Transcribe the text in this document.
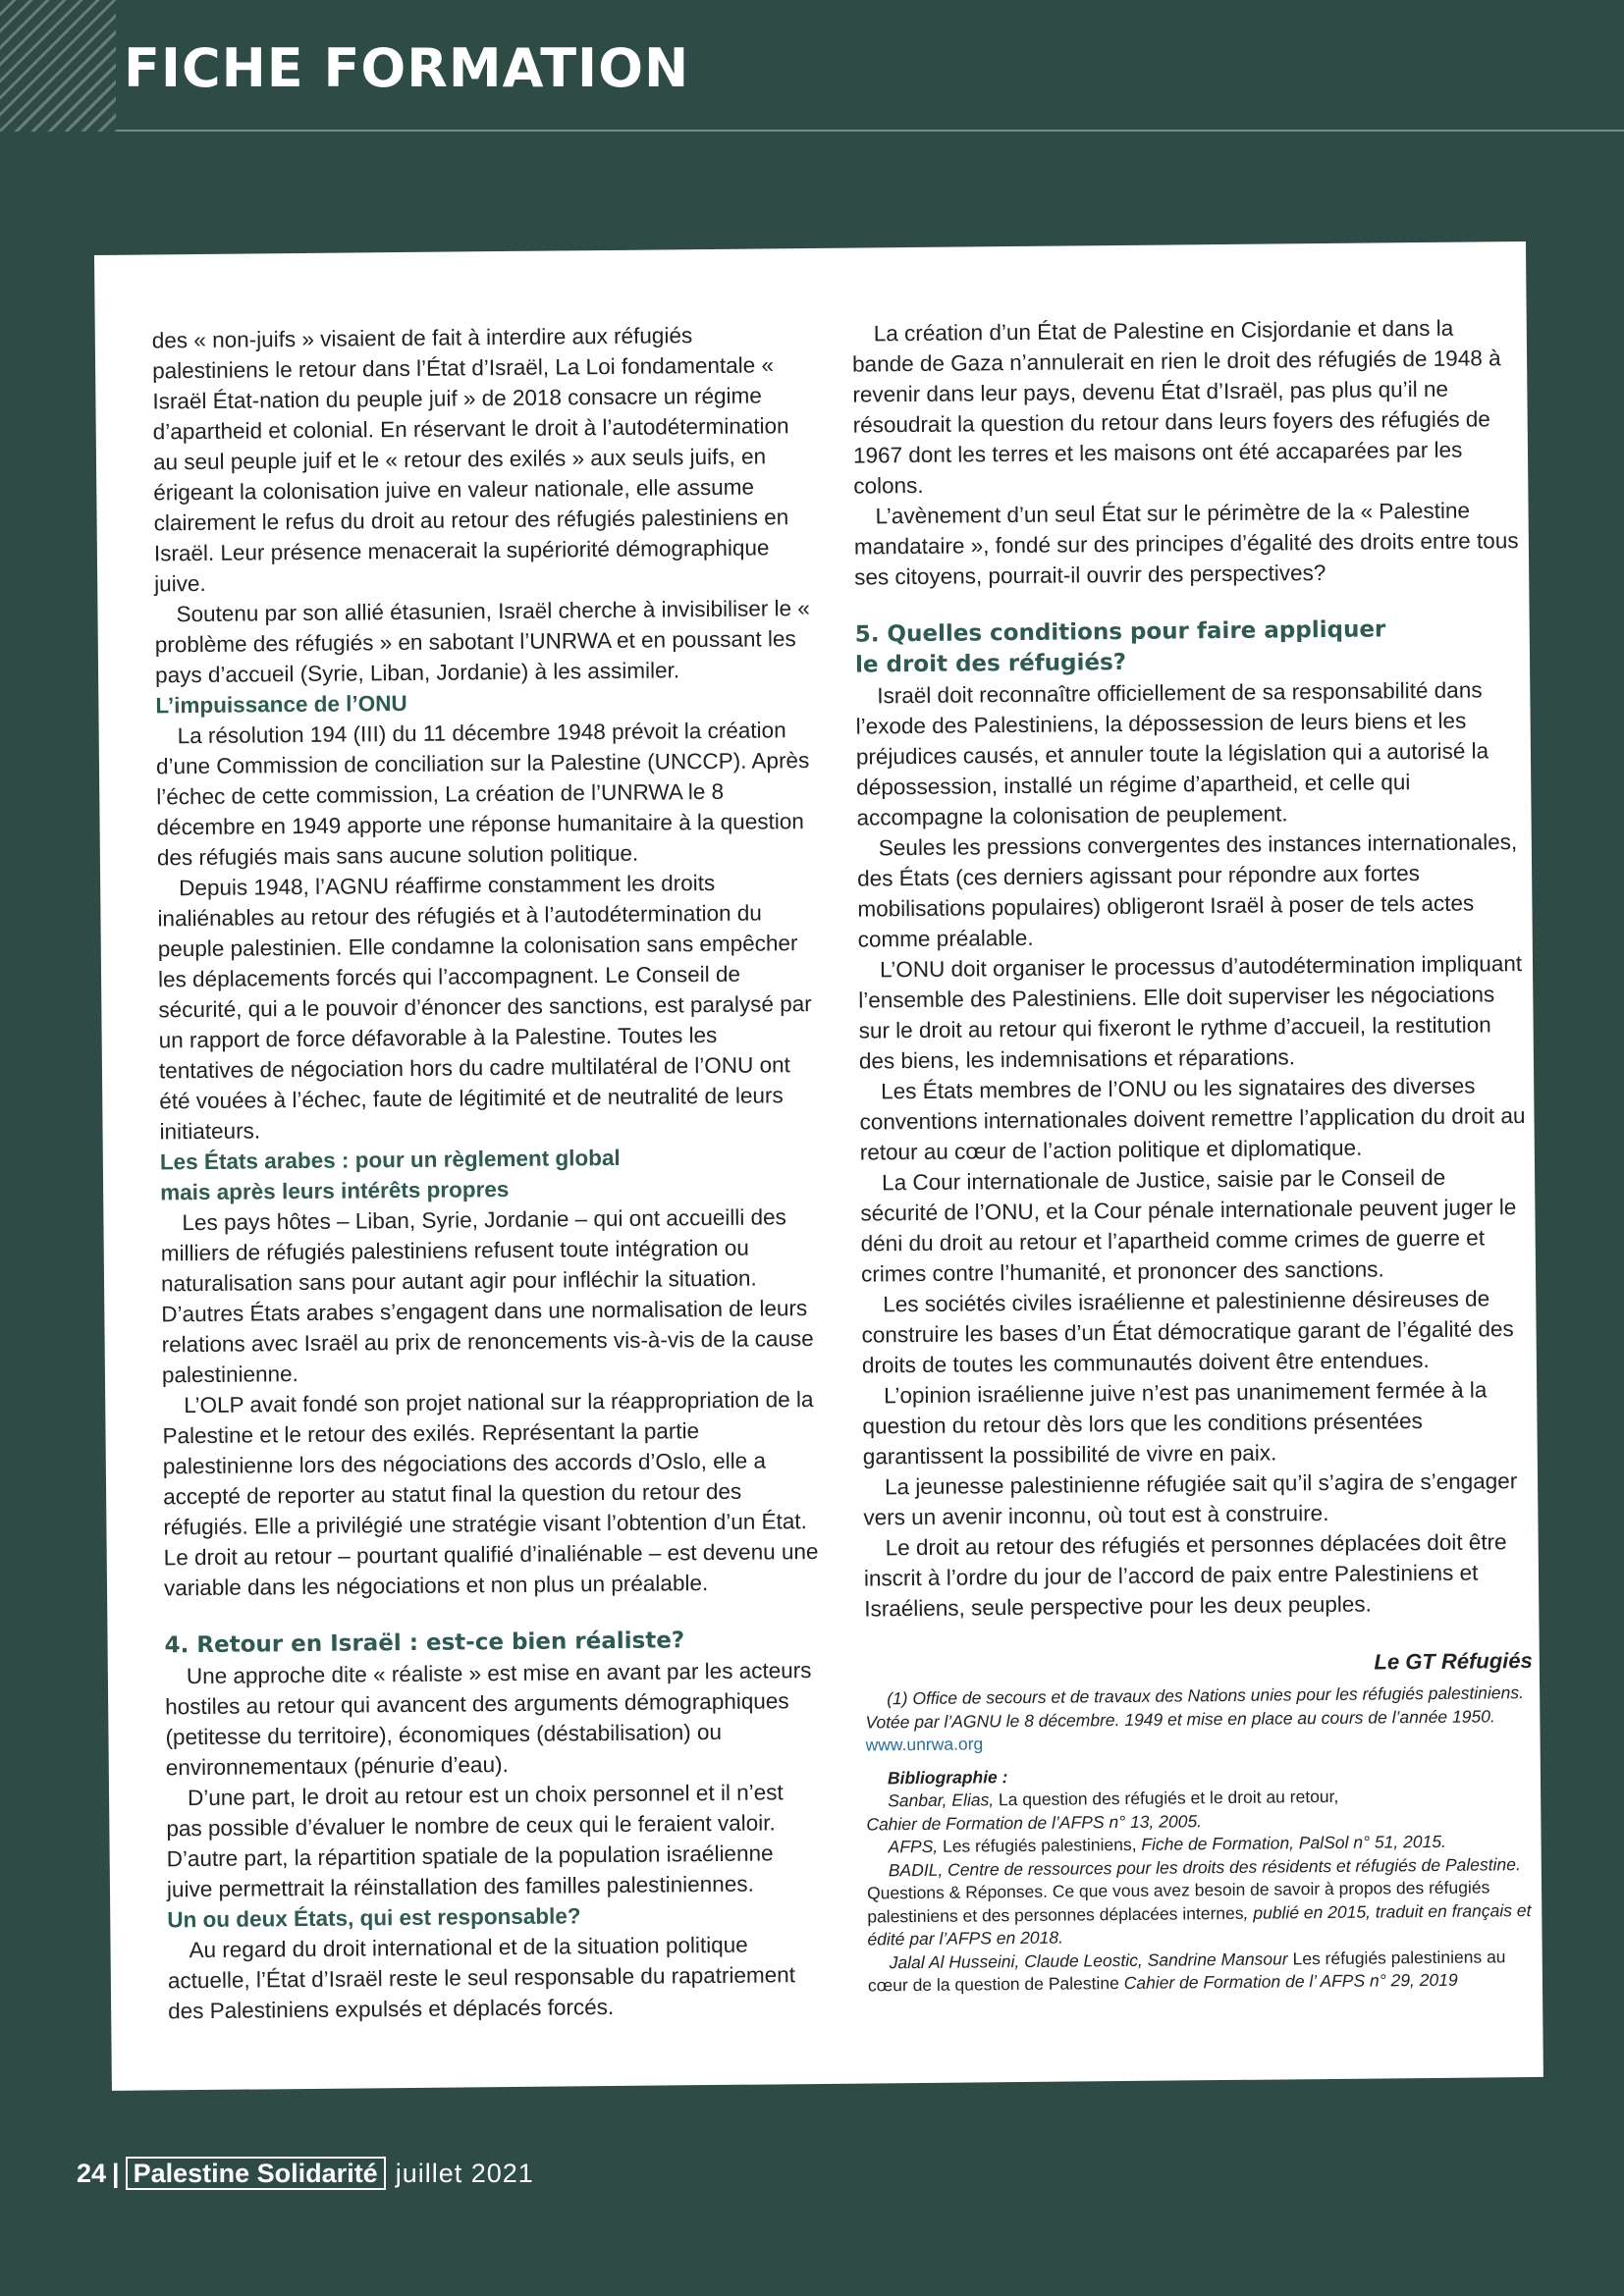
FICHE FORMATION

des « non-juifs » visaient de fait à interdire aux réfugiés palestiniens le retour dans l’État d’Israël, La Loi fondamentale « Israël État-nation du peuple juif » de 2018 consacre un régime d’apartheid et colonial. En réservant le droit à l’autodétermination au seul peuple juif et le « retour des exilés » aux seuls juifs, en érigeant la colonisation juive en valeur nationale, elle assume clairement le refus du droit au retour des réfugiés palestiniens en Israël. Leur présence menacerait la supériorité démographique juive.

Soutenu par son allié étasunien, Israël cherche à invisibiliser le « problème des réfugiés » en sabotant l’UNRWA et en poussant les pays d’accueil (Syrie, Liban, Jordanie) à les assimiler.

L’impuissance de l’ONU

La résolution 194 (III) du 11 décembre 1948 prévoit la création d’une Commission de conciliation sur la Palestine (UNCCP). Après l’échec de cette commission, La création de l’UNRWA le 8 décembre en 1949 apporte une réponse humanitaire à la question des réfugiés mais sans aucune solution politique.

Depuis 1948, l’AGNU réaffirme constamment les droits inaliénables au retour des réfugiés et à l’autodétermination du peuple palestinien. Elle condamne la colonisation sans empêcher les déplacements forcés qui l’accompagnent. Le Conseil de sécurité, qui a le pouvoir d’énoncer des sanctions, est paralysé par un rapport de force défavorable à la Palestine. Toutes les tentatives de négociation hors du cadre multilatéral de l’ONU ont été vouées à l’échec, faute de légitimité et de neutralité de leurs initiateurs.

Les États arabes : pour un règlement global

mais après leurs intérêts propres

Les pays hôtes – Liban, Syrie, Jordanie – qui ont accueilli des milliers de réfugiés palestiniens refusent toute intégration ou naturalisation sans pour autant agir pour infléchir la situation. D’autres États arabes s’engagent dans une normalisation de leurs relations avec Israël au prix de renoncements vis-à-vis de la cause palestinienne.

L’OLP avait fondé son projet national sur la réappropriation de la Palestine et le retour des exilés. Représentant la partie palestinienne lors des négociations des accords d’Oslo, elle a accepté de reporter au statut final la question du retour des réfugiés. Elle a privilégié une stratégie visant l’obtention d’un État. Le droit au retour – pourtant qualifié d’inaliénable – est devenu une variable dans les négociations et non plus un préalable.

4. Retour en Israël : est-ce bien réaliste?

Une approche dite « réaliste » est mise en avant par les acteurs hostiles au retour qui avancent des arguments démographiques (petitesse du territoire), économiques (déstabilisation) ou environnementaux (pénurie d’eau).

D’une part, le droit au retour est un choix personnel et il n’est pas possible d’évaluer le nombre de ceux qui le feraient valoir. D’autre part, la répartition spatiale de la population israélienne juive permettrait la réinstallation des familles palestiniennes.

Un ou deux États, qui est responsable?

Au regard du droit international et de la situation politique actuelle, l’État d’Israël reste le seul responsable du rapatriement des Palestiniens expulsés et déplacés forcés.

La création d’un État de Palestine en Cisjordanie et dans la bande de Gaza n’annulerait en rien le droit des réfugiés de 1948 à revenir dans leur pays, devenu État d’Israël, pas plus qu’il ne résoudrait la question du retour dans leurs foyers des réfugiés de 1967 dont les terres et les maisons ont été accaparées par les colons.

L’avènement d’un seul État sur le périmètre de la « Palestine mandataire », fondé sur des principes d’égalité des droits entre tous ses citoyens, pourrait-il ouvrir des perspectives?

5. Quelles conditions pour faire appliquer

le droit des réfugiés?

Israël doit reconnaître officiellement de sa responsabilité dans l’exode des Palestiniens, la dépossession de leurs biens et les préjudices causés, et annuler toute la législation qui a autorisé la dépossession, installé un régime d’apartheid, et celle qui accompagne la colonisation de peuplement.

Seules les pressions convergentes des instances internationales, des États (ces derniers agissant pour répondre aux fortes mobilisations populaires) obligeront Israël à poser de tels actes comme préalable.

L’ONU doit organiser le processus d’autodétermination impliquant l’ensemble des Palestiniens. Elle doit superviser les négociations sur le droit au retour qui fixeront le rythme d’accueil, la restitution des biens, les indemnisations et réparations.

Les États membres de l’ONU ou les signataires des diverses conventions internationales doivent remettre l’application du droit au retour au cœur de l’action politique et diplomatique.

La Cour internationale de Justice, saisie par le Conseil de sécurité de l’ONU, et la Cour pénale internationale peuvent juger le déni du droit au retour et l’apartheid comme crimes de guerre et crimes contre l’humanité, et prononcer des sanctions.

Les sociétés civiles israélienne et palestinienne désireuses de construire les bases d’un État démocratique garant de l’égalité des droits de toutes les communautés doivent être entendues.

L’opinion israélienne juive n’est pas unanimement fermée à la question du retour dès lors que les conditions présentées garantissent la possibilité de vivre en paix.

La jeunesse palestinienne réfugiée sait qu’il s’agira de s’engager vers un avenir inconnu, où tout est à construire.

Le droit au retour des réfugiés et personnes déplacées doit être inscrit à l’ordre du jour de l’accord de paix entre Palestiniens et Israéliens, seule perspective pour les deux peuples.

Le GT Réfugiés

(1) Office de secours et de travaux des Nations unies pour les réfugiés palestiniens. Votée par l’AGNU le 8 décembre. 1949 et mise en place au cours de l’année 1950. www.unrwa.org

Bibliographie :

Sanbar, Elias, La question des réfugiés et le droit au retour,
Cahier de Formation de l’AFPS n° 13, 2005.

AFPS, Les réfugiés palestiniens, Fiche de Formation, PalSol n° 51, 2015.

BADIL, Centre de ressources pour les droits des résidents et réfugiés de Palestine. Questions & Réponses. Ce que vous avez besoin de savoir à propos des réfugiés palestiniens et des personnes déplacées internes, publié en 2015, traduit en français et édité par l’AFPS en 2018.

Jalal Al Husseini, Claude Leostic, Sandrine Mansour Les réfugiés palestiniens au cœur de la question de Palestine Cahier de Formation de l’ AFPS n° 29, 2019

24 | Palestine Solidarité juillet 2021
